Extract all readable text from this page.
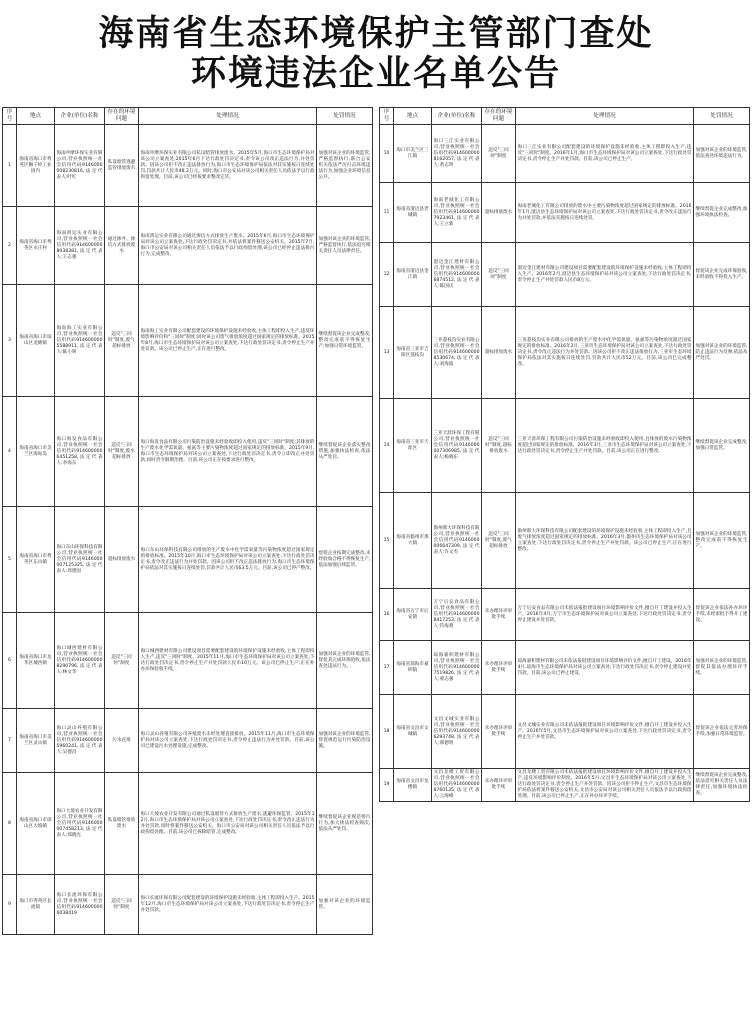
海南省生态环境保护主管部门查处
环境违法企业名单公告
序号	地点	企业(单位)名称	存在的环境问题	处理情况	处罚情况
1	海南省海口市秀英区狮子岭工业园内	海南申摩环保实业有限公司,营业执照统一社会信用代码9146000008230816,法定代表人:叶红	私设暗管逃避监管排放废水	海南申摩环保实业有限公司私设暗管排放废水。2015年5月,海口市生态环境保护局对该公司立案查处,2015年6月下达行政处罚决定书,责令该公司改正违法行为,并处罚款。因该公司拒不改正违法排放行为,海口市生态环境保护局依法对其实施按日连续处罚,罚款共计人民币48.2万元。同时,海口市公安局对该公司相关责任人员依法予以行政拘留处理。目前,该公司已经按要求整改完毕。	加强对该企业的环境监管,严格监督执行;联合公安机关依法严厉打击环境违法行为,加强企业环境信息公开。
2	海南省海口市秀英区永庄村	海南鸿运实业有限公司,营业执照统一社会信用代码9146000008038381,法定代表人:王志强	通过渗井、渗坑方式排放废水	海南鸿运实业有限公司通过渗坑方式排放生产废水。2015年6月,海口市生态环境保护局对该公司立案查处,下达行政处罚决定书,并依法将案件移送公安机关。2015年7月,海口市公安局对该公司相关责任人员依法予以行政拘留处理,该公司已经停止违法排污行为,完成整改。	加强对该企业的环境监管,严格监督执行,依法追究相关责任人员法律责任。
3	海南省海口市琼山区龙塘镇	海南海工实业有限公司,营业执照统一社会信用代码9146000005588911,法定代表人:陈小明	违反"三同时"制度,废气超标排放	海南海工实业有限公司配套建设的环境保护设施未经验收,主体工程即投入生产,违反环境影响评价和"三同时"制度;同时该公司废气排放浓度超过国家规定的排放标准。2015年8月,海口市生态环境保护局对该公司立案查处,下达行政处罚决定书,责令停止生产并处罚款。该公司已停止生产,正在进行整改。	继续督促该企业完成整改,整改完成前不得恢复生产;加强日常环境监管。
4	海南省海口市美兰区海甸岛	海口海发食品有限公司,营业执照统一社会信用代码9146000006451258,法定代表人:李海东	违反"三同时"制度,废水超标排放	海口海发食品有限公司污染防治设施未经验收即投入使用,违反"三同时"制度;其排放的生产废水化学需氧量、氨氮等主要污染物浓度超过国家规定的排放标准。2015年9月,海口市生态环境保护局对该公司立案查处,下达行政处罚决定书,责令立即改正并处罚款,同时责令限期治理。目前,该公司正在按要求进行整改。	继续督促该企业落实整改措施,加强执法检查,依法从严处罚。
5	海南省海口市秀英区东山镇	海口东山环保科技有限公司,营业执照统一社会信用代码9146000007125325,法定代表人:周建国	超标排放废水	海口东山环保科技有限公司排放的生产废水中化学需氧量等污染物浓度超过国家规定的排放标准。2015年10月,海口市生态环境保护局对该公司立案查处,下达行政处罚决定书,责令改正违法行为并处罚款。因该公司拒不改正违法排放行为,海口市生态环境保护局依法对其实施按日连续处罚,罚款共计人民币63.5万元。目前,该公司已停产整改。	督促企业按期完成整改,未经验收合格不得恢复生产,依法加强后续监管。
6	海南省海口市龙华区城西镇	海口城西建材有限公司,营业执照统一社会信用代码9146000008290796,法定代表人:林文华	违反"三同时"制度	海口城西建材有限公司建设项目需要配套建设的环境保护设施未经验收,主体工程即投入生产,违反"三同时"制度。2015年11月,海口市生态环境保护局对该公司立案查处,下达行政处罚决定书,责令停止生产并处罚款人民币10万元。该公司已停止生产,正在补办环保验收手续。	加强对该企业的环境监管,督促其完成环保验收,依法查处违法行为。
7	海南省海口市美兰区灵山镇	海口灵山养殖有限公司,营业执照统一社会信用代码9146000005960241,法定代表人:吴德昌	污水直排	海口灵山养殖有限公司养殖废水未经处理直接排放。2015年11月,海口市生态环境保护局对该公司立案查处,下达行政处罚决定书,责令停止违法行为并处罚款。目前,该公司已建设污水处理设施,完成整改。	加强对该企业的环境监管,督促规范运行污染防治设施。
8	海南省海口市琼山区大坡镇	海口大坡农业开发有限公司,营业执照统一社会信用代码9146000007458213,法定代表人:郑晓光	私设暗管排放废水	海口大坡农业开发有限公司通过私设暗管方式排放生产废水,逃避环保监管。2015年12月,海口市生态环境保护局对该公司立案查处,下达行政处罚决定书,责令改正违法行为并处罚款,同时将案件移送公安机关。海口市公安局对该公司相关责任人员依法予以行政拘留处理。目前,该公司已拆除暗管,完成整改。	继续督促该企业规范排污行为,加大执法检查频次,依法从严处罚。
9	海口市秀英区长流镇	海口长流环保有限公司,营业执照统一社会信用代码9146000006038419	违反"三同时"制度	海口长流环保有限公司配套建设的环境保护设施未经验收,主体工程即投入生产。2015年12月,海口市生态环境保护局对该公司立案查处,下达行政处罚决定书,责令停止生产并处罚款。	加强对该企业的环境监管。
序号	地点	企业(单位)名称	存在的环境问题	处理情况	处罚情况
10	海口市美兰区三江镇	海口三江实业有限公司,营业执照统一社会信用代码9146000008162057,法定代表人:黄志明	违反"三同时"制度	海口三江实业有限公司配套建设的环境保护设施未经验收,主体工程即投入生产,违反"三同时"制度。2016年1月,海口市生态环境保护局对该公司立案查处,下达行政处罚决定书,责令停止生产并处罚款。目前,该公司已停止生产。	加强对该企业的环境监管,依法查处环境违法行为。
11	海南省澄迈县老城镇	海南老城化工有限公司,营业执照统一社会信用代码9146000007923461,法定代表人:王立新	超标排放废水	海南老城化工有限公司排放的废水中主要污染物浓度超过国家规定的排放标准。2016年1月,澄迈县生态环境保护局对该公司立案查处,下达行政处罚决定书,责令改正违法行为并处罚款,并依法实施按日连续处罚。	继续督促企业完成整改,加强环境执法检查。
12	海南省澄迈县金江镇	澄迈金江建材有限公司,营业执照统一社会信用代码9146000006874512,法定代表人:陈国庆	违反"三同时"制度	澄迈金江建材有限公司建设项目需要配套建设的环境保护设施未经验收,主体工程即投入生产。2016年2月,澄迈县生态环境保护局对该公司立案查处,下达行政处罚决定书,责令停止生产并处罚款人民币8万元。	督促该企业完成环保验收,未经验收不得投入生产。
13	海南省三亚市吉阳区荔枝沟	三亚荔枝沟实业有限公司,营业执照统一社会信用代码9146000008530674,法定代表人:刘海波	超标排放废水	三亚荔枝沟实业有限公司排放的生产废水中化学需氧量、氨氮等污染物浓度超过国家规定的排放标准。2016年2月,三亚市生态环境保护局对该公司立案查处,下达行政处罚决定书,责令改正违法行为并处罚款。因该公司拒不改正违法排放行为,三亚市生态环境保护局依法对其实施按日连续处罚,罚款共计人民币52万元。目前,该公司已完成整改。	加强对该企业的环境监管,防止违法行为反弹,依法从严处罚。
14	海南省三亚市天涯区	三亚天涯环保工程有限公司,营业执照统一社会信用代码9146000007306985,法定代表人:杨晓东	违反"三同时"制度,超标排放废水	三亚天涯环保工程有限公司污染防治设施未经验收即投入使用,且排放的废水污染物浓度超过国家规定的排放标准。2016年3月,三亚市生态环境保护局对该公司立案查处,下达行政处罚决定书,责令停止生产并处罚款。目前,该公司正在进行整改。	继续督促该企业完成整改,加强日常监管。
15	海南省儋州市那大镇	儋州那大环保科技有限公司,营业执照统一社会信用代码9146000006647309,法定代表人:许文杰	违反"三同时"制度,废气超标排放	儋州那大环保科技有限公司配套建设的环境保护设施未经验收,主体工程即投入生产,且废气排放浓度超过国家规定的排放标准。2016年3月,儋州市生态环境保护局对该公司立案查处,下达行政处罚决定书,责令停止生产并处罚款。该公司已停止生产,正在进行整改。	加强对该企业的环境监管,整改完成前不得恢复生产。
16	海南省万宁市后安镇	万宁后安食品有限公司,营业执照统一社会信用代码9146000008417253,法定代表人:符海燕	未办理环评审批手续	万宁后安食品有限公司未依法报批建设项目环境影响评价文件,擅自开工建设并投入生产。2016年4月,万宁市生态环境保护局对该公司立案查处,下达行政处罚决定书,责令停止建设并处罚款。	督促该企业依法补办环评手续,未经审批不得开工建设。
17	海南省琼海市嘉积镇	琼海嘉积建材有限公司,营业执照统一社会信用代码9146000007519826,法定代表人:蒙志强	未办理环评审批手续	琼海嘉积建材有限公司未依法报批建设项目环境影响评价文件,擅自开工建设。2016年4月,琼海市生态环境保护局对该公司立案查处,下达行政处罚决定书,责令停止建设并处罚款。目前,该公司已停止建设。	加强对该企业的环境监管,督促其依法办理环评手续。
18	海南省文昌市文城镇	文昌文城实业有限公司,营业执照统一社会信用代码9146000006293748,法定代表人:邢德明	未办理环评审批手续	文昌文城实业有限公司未依法报批建设项目环境影响评价文件,擅自开工建设并投入生产。2016年5月,文昌市生态环境保护局对该公司立案查处,下达行政处罚决定书,责令停止生产并处罚款。	督促该企业依法完善环保手续,加强日常环境监管。
19	海南省文昌市龙楼镇	文昌龙楼工贸有限公司,营业执照统一社会信用代码9146000008760135,法定代表人:云海峰	未办理环评审批手续	文昌龙楼工贸有限公司未依法报批建设项目环境影响评价文件,擅自开工建设并投入生产,违反环境影响评价制度。2016年5月,文昌市生态环境保护局对该公司立案查处,下达行政处罚决定书,责令停止生产并处罚款。因该公司拒不停止生产,文昌市生态环境保护局依法将案件移送公安机关,文昌市公安局对该公司相关责任人员依法予以行政拘留处理。目前,该公司已停止生产,正在补办环评手续。	继续督促该企业完成整改,依法追究相关责任人员法律责任,加强环境执法检查。
